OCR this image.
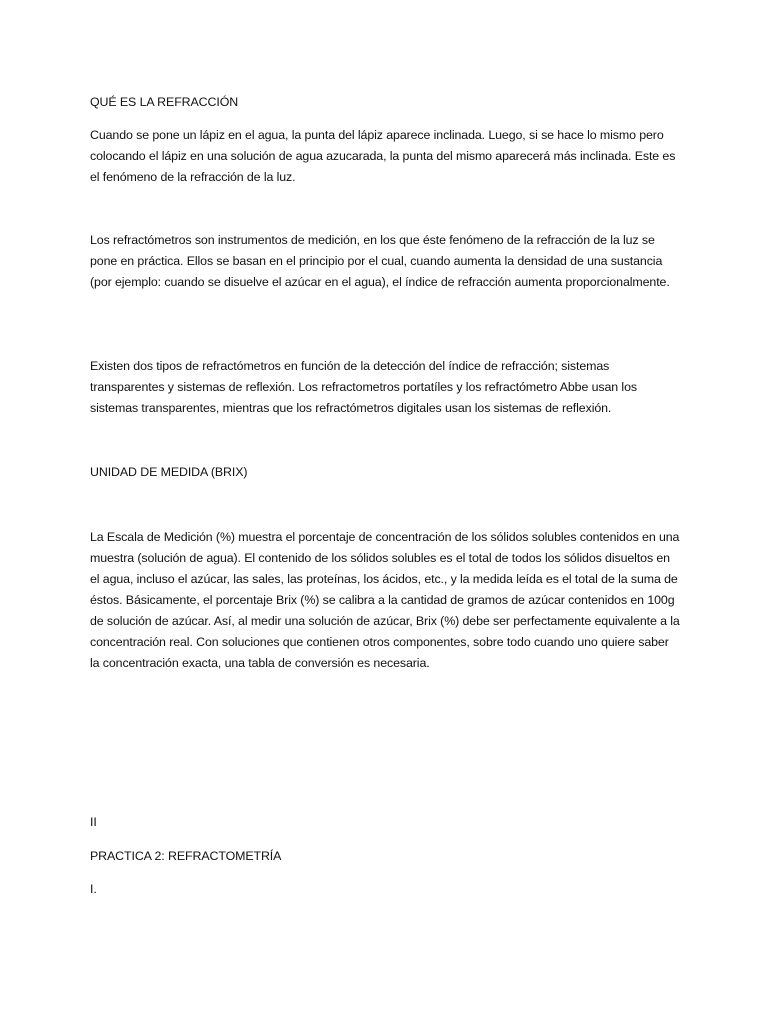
QUÉ ES LA REFRACCIÓN

Cuando se pone un lápiz en el agua, la punta del lápiz aparece inclinada. Luego, si se hace lo mismo pero colocando el lápiz en una solución de agua azucarada, la punta del mismo aparecerá más inclinada. Este es el fenómeno de la refracción de la luz.

Los refractómetros son instrumentos de medición, en los que éste fenómeno de la refracción de la luz se pone en práctica. Ellos se basan en el principio por el cual, cuando aumenta la densidad de una sustancia (por ejemplo: cuando se disuelve el azúcar en el agua), el índice de refracción aumenta proporcionalmente.

Existen dos tipos de refractómetros en función de la detección del índice de refracción; sistemas transparentes y sistemas de reflexión. Los refractometros portatíles y los refractómetro Abbe usan los sistemas transparentes, mientras que los refractómetros digitales usan los sistemas de reflexión.

UNIDAD DE MEDIDA (BRIX)

La Escala de Medición (%) muestra el porcentaje de concentración de los sólidos solubles contenidos en una muestra (solución de agua). El contenido de los sólidos solubles es el total de todos los sólidos disueltos en el agua, incluso el azúcar, las sales, las proteínas, los ácidos, etc., y la medida leída es el total de la suma de éstos. Básicamente, el porcentaje Brix (%) se calibra a la cantidad de gramos de azúcar contenidos en 100g de solución de azúcar. Así, al medir una solución de azúcar, Brix (%) debe ser perfectamente equivalente a la concentración real. Con soluciones que contienen otros componentes, sobre todo cuando uno quiere saber la concentración exacta, una tabla de conversión es necesaria.

II

PRACTICA 2: REFRACTOMETRÍA

I.
